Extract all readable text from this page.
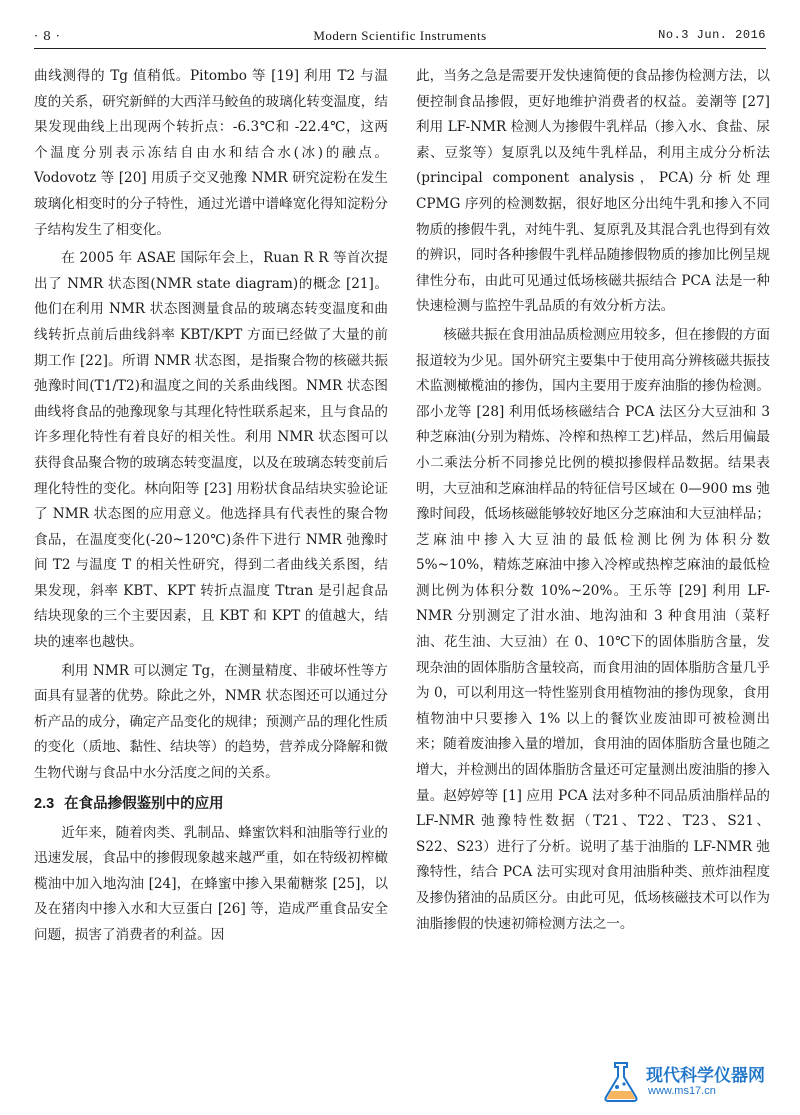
· 8 ·	Modern Scientific Instruments	No.3 Jun. 2016

曲线测得的 Tg 值稍低。Pitombo 等 [19] 利用 T2 与温度的关系，研究新鲜的大西洋马鲛鱼的玻璃化转变温度，结果发现曲线上出现两个转折点：-6.3℃和 -22.4℃，这两个温度分别表示冻结自由水和结合水(冰)的融点。Vodovotz 等 [20] 用质子交叉弛豫 NMR 研究淀粉在发生玻璃化相变时的分子特性，通过光谱中谱峰宽化得知淀粉分子结构发生了相变化。

在 2005 年 ASAE 国际年会上，Ruan R R 等首次提出了 NMR 状态图(NMR state diagram)的概念 [21]。他们在利用 NMR 状态图测量食品的玻璃态转变温度和曲线转折点前后曲线斜率 KBT/KPT 方面已经做了大量的前期工作 [22]。所谓 NMR 状态图，是指聚合物的核磁共振弛豫时间(T1/T2)和温度之间的关系曲线图。NMR 状态图曲线将食品的弛豫现象与其理化特性联系起来，且与食品的许多理化特性有着良好的相关性。利用 NMR 状态图可以获得食品聚合物的玻璃态转变温度，以及在玻璃态转变前后理化特性的变化。林向阳等 [23] 用粉状食品结块实验论证了 NMR 状态图的应用意义。他选择具有代表性的聚合物食品，在温度变化(-20~120℃)条件下进行 NMR 弛豫时间 T2 与温度 T 的相关性研究，得到二者曲线关系图，结果发现，斜率 KBT、KPT 转折点温度 Ttran 是引起食品结块现象的三个主要因素，且 KBT 和 KPT 的值越大，结块的速率也越快。

利用 NMR 可以测定 Tg，在测量精度、非破坏性等方面具有显著的优势。除此之外，NMR 状态图还可以通过分析产品的成分，确定产品变化的规律；预测产品的理化性质的变化（质地、黏性、结块等）的趋势，营养成分降解和微生物代谢与食品中水分活度之间的关系。

2.3 在食品掺假鉴别中的应用

近年来，随着肉类、乳制品、蜂蜜饮料和油脂等行业的迅速发展，食品中的掺假现象越来越严重，如在特级初榨橄榄油中加入地沟油 [24]，在蜂蜜中掺入果葡糖浆 [25]，以及在猪肉中掺入水和大豆蛋白 [26] 等，造成严重食品安全问题，损害了消费者的利益。因

此，当务之急是需要开发快速简便的食品掺伪检测方法，以便控制食品掺假，更好地维护消费者的权益。姜潮等 [27] 利用 LF-NMR 检测人为掺假牛乳样品（掺入水、食盐、尿素、豆浆等）复原乳以及纯牛乳样品，利用主成分分析法(principal component analysis，PCA)分析处理 CPMG 序列的检测数据，很好地区分出纯牛乳和掺入不同物质的掺假牛乳，对纯牛乳、复原乳及其混合乳也得到有效的辨识，同时各种掺假牛乳样品随掺假物质的掺加比例呈规律性分布，由此可见通过低场核磁共振结合 PCA 法是一种快速检测与监控牛乳品质的有效分析方法。

核磁共振在食用油品质检测应用较多，但在掺假的方面报道较为少见。国外研究主要集中于使用高分辨核磁共振技术监测橄榄油的掺伪，国内主要用于废弃油脂的掺伪检测。邵小龙等 [28] 利用低场核磁结合 PCA 法区分大豆油和 3 种芝麻油(分别为精炼、冷榨和热榨工艺)样品，然后用偏最小二乘法分析不同掺兑比例的模拟掺假样品数据。结果表明，大豆油和芝麻油样品的特征信号区域在 0—900 ms 弛豫时间段，低场核磁能够较好地区分芝麻油和大豆油样品；芝麻油中掺入大豆油的最低检测比例为体积分数 5%~10%，精炼芝麻油中掺入冷榨或热榨芝麻油的最低检测比例为体积分数 10%~20%。王乐等 [29] 利用 LF-NMR 分别测定了泔水油、地沟油和 3 种食用油（菜籽油、花生油、大豆油）在 0、10℃下的固体脂肪含量，发现杂油的固体脂肪含量较高，而食用油的固体脂肪含量几乎为 0，可以利用这一特性鉴别食用植物油的掺伪现象，食用植物油中只要掺入 1% 以上的餐饮业废油即可被检测出来；随着废油掺入量的增加，食用油的固体脂肪含量也随之增大，并检测出的固体脂肪含量还可定量测出废油脂的掺入量。赵婷婷等 [1] 应用 PCA 法对多种不同品质油脂样品的 LF-NMR 弛豫特性数据（T21、T22、T23、S21、S22、S23）进行了分析。说明了基于油脂的 LF-NMR 弛豫特性，结合 PCA 法可实现对食用油脂种类、煎炸油程度及掺伪猪油的品质区分。由此可见，低场核磁技术可以作为油脂掺假的快速初筛检测方法之一。

现代科学仪器网
www.ms17.cn
